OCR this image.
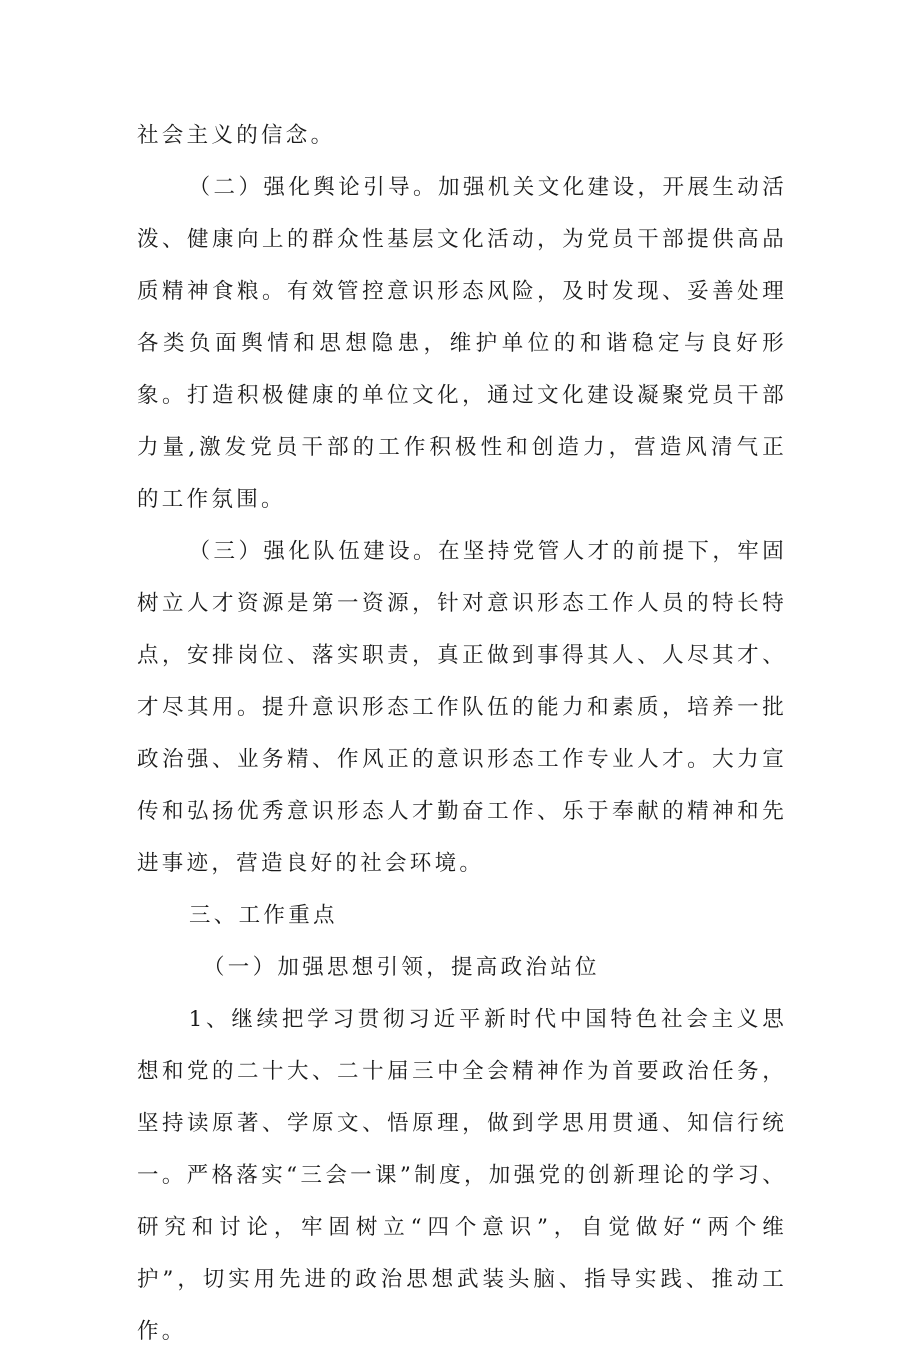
社会主义的信念。

（二）强化舆论引导。加强机关文化建设，开展生动活泼、健康向上的群众性基层文化活动，为党员干部提供高品质精神食粮。有效管控意识形态风险，及时发现、妥善处理各类负面舆情和思想隐患，维护单位的和谐稳定与良好形象。打造积极健康的单位文化，通过文化建设凝聚党员干部力量,激发党员干部的工作积极性和创造力，营造风清气正的工作氛围。

（三）强化队伍建设。在坚持党管人才的前提下，牢固树立人才资源是第一资源，针对意识形态工作人员的特长特点，安排岗位、落实职责，真正做到事得其人、人尽其才、才尽其用。提升意识形态工作队伍的能力和素质，培养一批政治强、业务精、作风正的意识形态工作专业人才。大力宣传和弘扬优秀意识形态人才勤奋工作、乐于奉献的精神和先进事迹，营造良好的社会环境。

三、工作重点

（一）加强思想引领，提高政治站位

1、继续把学习贯彻习近平新时代中国特色社会主义思想和党的二十大、二十届三中全会精神作为首要政治任务，坚持读原著、学原文、悟原理，做到学思用贯通、知信行统一。严格落实“三会一课”制度，加强党的创新理论的学习、研究和讨论，牢固树立“四个意识”，自觉做好“两个维护”，切实用先进的政治思想武装头脑、指导实践、推动工作。
